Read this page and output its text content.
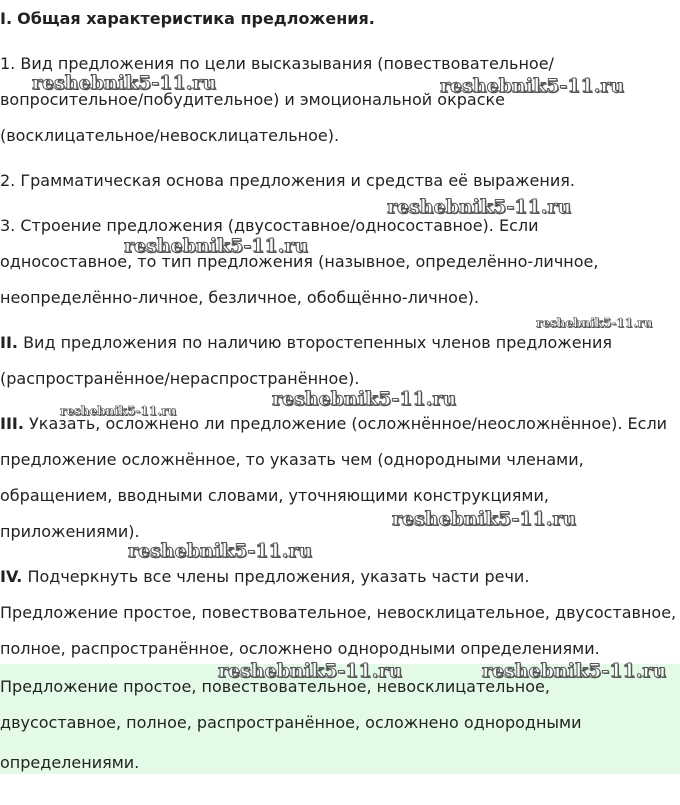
I. Общая характеристика предложения.
1. Вид предложения по цели высказывания (повествовательное/
вопросительное/побудительное) и эмоциональной окраске
(восклицательное/невосклицательное).
2. Грамматическая основа предложения и средства её выражения.
3. Строение предложения (двусоставное/односоставное). Если
односоставное, то тип предложения (назывное, определённо-личное,
неопределённо-личное, безличное, обобщённо-личное).
II. Вид предложения по наличию второстепенных членов предложения
(распространённое/нераспространённое).
III. Указать, осложнено ли предложение (осложнённое/неосложнённое). Если
предложение осложнённое, то указать чем (однородными членами,
обращением, вводными словами, уточняющими конструкциями,
приложениями).
IV. Подчеркнуть все члены предложения, указать части речи.
Предложение простое, повествовательное, невосклицательное, двусоставное,
полное, распространённое, осложнено однородными определениями.
Предложение простое, повествовательное, невосклицательное,
двусоставное, полное, распространённое, осложнено однородными
определениями.
reshebnik5-11.ru	reshebnik5-11.ru
reshebnik5-11.ru
reshebnik5-11.ru
reshebnik5-11.ru
reshebnik5-11.ru
reshebnik5-11.ru
reshebnik5-11.ru
reshebnik5-11.ru
reshebnik5-11.ru	reshebnik5-11.ru
